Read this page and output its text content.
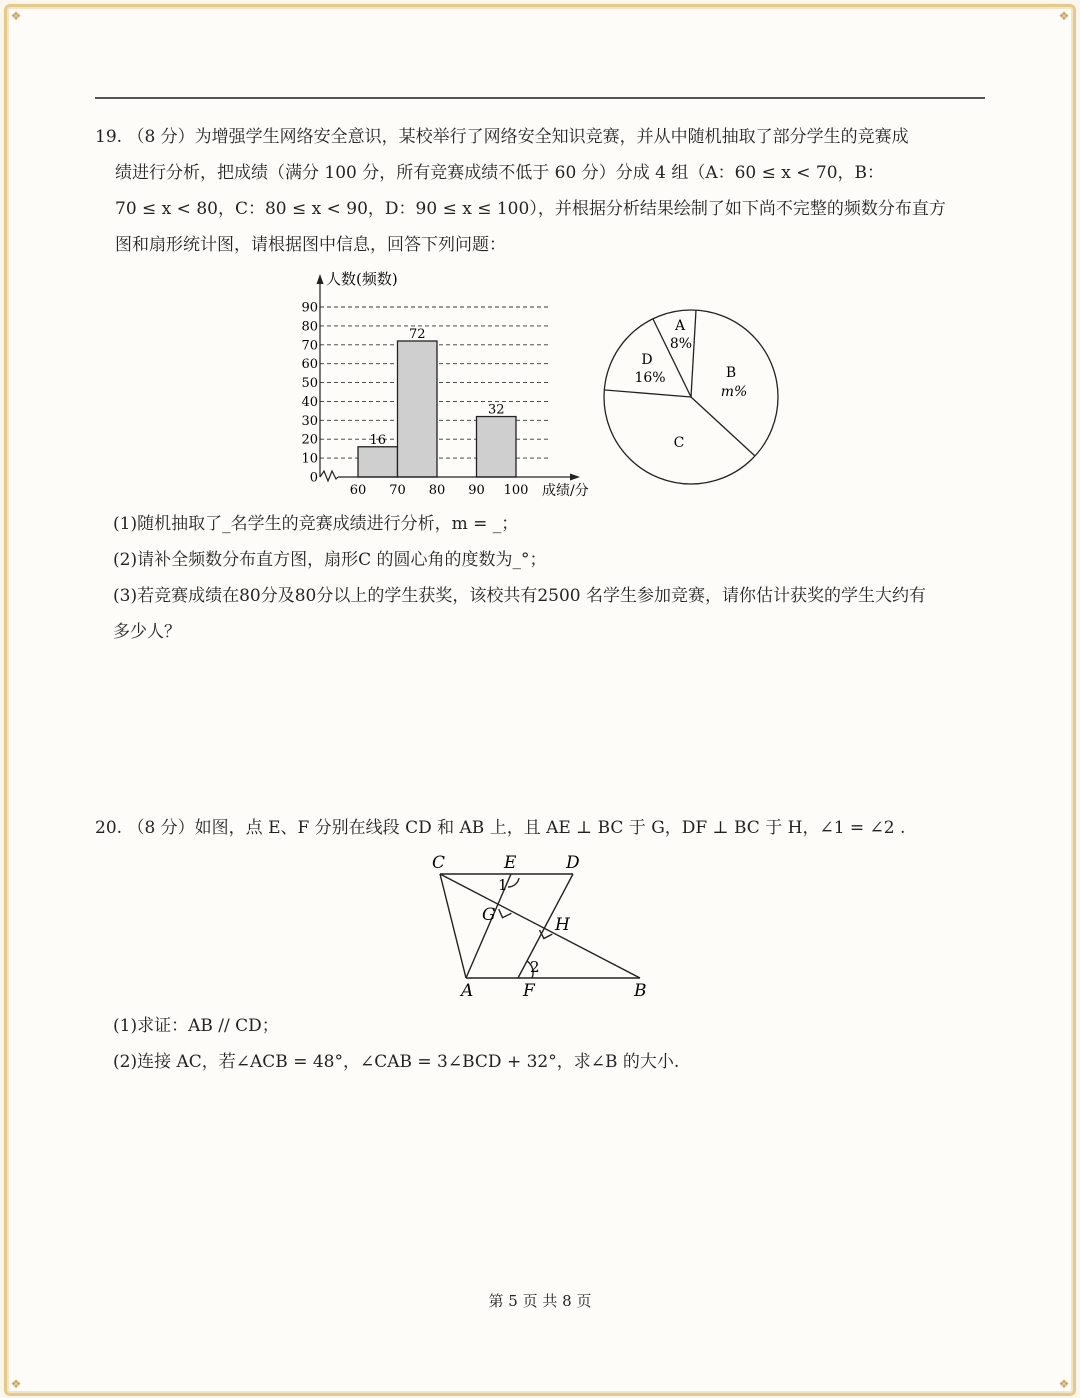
❖	❖
❖	❖
19. （8 分）为增强学生网络安全意识，某校举行了网络安全知识竞赛，并从中随机抽取了部分学生的竞赛成
绩进行分析，把成绩（满分 100 分，所有竞赛成绩不低于 60 分）分成 4 组（A：60 ≤ x < 70，B：
70 ≤ x < 80，C：80 ≤ x < 90，D：90 ≤ x ≤ 100），并根据分析结果绘制了如下尚不完整的频数分布直方
图和扇形统计图，请根据图中信息，回答下列问题：
0
10
20
30
40
50
60
70
80
90
60 70 80 90 100
16
72
32
人数(频数)
成绩/分
A
8%
B
m%
C
D
16%
(1)随机抽取了_名学生的竞赛成绩进行分析，m = _；
(2)请补全频数分布直方图，扇形C 的圆心角的度数为_°；
(3)若竞赛成绩在80分及80分以上的学生获奖，该校共有2500 名学生参加竞赛，请你估计获奖的学生大约有
多少人？
20. （8 分）如图，点 E、F 分别在线段 CD 和 AB 上，且 AE ⊥ BC 于 G，DF ⊥ BC 于 H，∠1 = ∠2 .
C	E	D
G	H
A	F	B
1
2
(1)求证：AB // CD；
(2)连接 AC，若∠ACB = 48°，∠CAB = 3∠BCD + 32°，求∠B 的大小.
第 5 页 共 8 页
